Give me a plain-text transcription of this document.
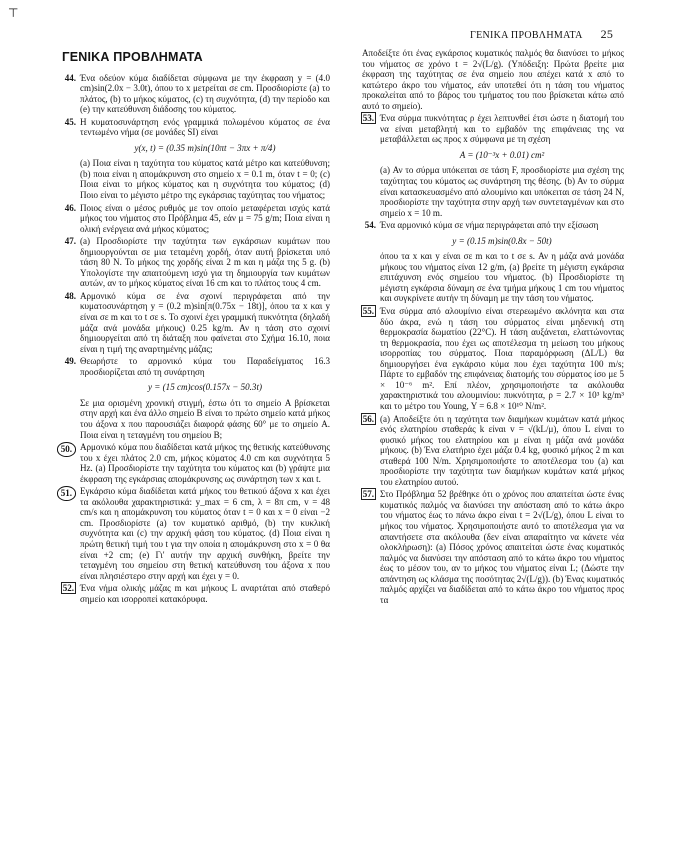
⊤
ΓΕΝΙΚΑ ΠΡΟΒΛΗΜΑΤΑ 25
ΓΕΝΙΚΑ ΠΡΟΒΛΗΜΑΤΑ
44. Ένα οδεύον κύμα διαδίδεται σύμφωνα με την έκφραση y = (4.0 cm)sin(2.0x − 3.0t), όπου το x μετρείται σε cm. Προσδιορίστε (a) το πλάτος, (b) το μήκος κύματος, (c) τη συχνότητα, (d) την περίοδο και (e) την κατεύθυνση διάδοσης του κύματος.
45. Η κυματοσυνάρτηση ενός γραμμικά πολωμένου κύματος σε ένα τεντωμένο νήμα (σε μονάδες SI) είναι
y(x, t) = (0.35 m)sin(10πt − 3πx + π/4)
(a) Ποια είναι η ταχύτητα του κύματος κατά μέτρο και κατεύθυνση; (b) ποια είναι η απομάκρυνση στο σημείο x = 0.1 m, όταν t = 0; (c) Ποια είναι το μήκος κύματος και η συχνότητα του κύματος; (d) Ποιο είναι το μέγιστο μέτρο της εγκάρσιας ταχύτητας του νήματος;
46. Ποιος είναι ο μέσος ρυθμός με τον οποίο μεταφέρεται ισχύς κατά μήκος του νήματος στο Πρόβλημα 45, εάν μ = 75 g/m; Ποια είναι η ολική ενέργεια ανά μήκος κύματος;
47. (a) Προσδιορίστε την ταχύτητα των εγκάρσιων κυμάτων που δημιουργούνται σε μια τεταμένη χορδή, όταν αυτή βρίσκεται υπό τάση 80 N. Το μήκος της χορδής είναι 2 m και η μάζα της 5 g. (b) Υπολογίστε την απαιτούμενη ισχύ για τη δημιουργία των κυμάτων αυτών, αν το μήκος κύματος είναι 16 cm και το πλάτος τους 4 cm.
48. Αρμονικό κύμα σε ένα σχοινί περιγράφεται από την κυματοσυνάρτηση y = (0.2 m)sin[π(0.75x − 18t)], όπου τα x και y είναι σε m και το t σε s. Το σχοινί έχει γραμμική πυκνότητα (δηλαδή μάζα ανά μονάδα μήκους) 0.25 kg/m. Αν η τάση στο σχοινί δημιουργείται από τη διάταξη που φαίνεται στο Σχήμα 16.10, ποια είναι η τιμή της αναρτημένης μάζας;
49. Θεωρήστε το αρμονικό κύμα του Παραδείγματος 16.3 προσδιορίζεται από τη συνάρτηση
y = (15 cm)cos(0.157x − 50.3t)
Σε μια ορισμένη χρονική στιγμή, έστω ότι το σημείο A βρίσκεται στην αρχή και ένα άλλο σημείο B είναι το πρώτο σημείο κατά μήκος του άξονα x που παρουσιάζει διαφορά φάσης 60° με το σημείο A. Ποια είναι η τεταγμένη του σημείου B;
50. Αρμονικό κύμα που διαδίδεται κατά μήκος της θετικής κατεύθυνσης του x έχει πλάτος 2.0 cm, μήκος κύματος 4.0 cm και συχνότητα 5 Hz. (a) Προσδιορίστε την ταχύτητα του κύματος και (b) γράψτε μια έκφραση της εγκάρσιας απομάκρυνσης ως συνάρτηση των x και t.
51. Εγκάρσιο κύμα διαδίδεται κατά μήκος του θετικού άξονα x και έχει τα ακόλουθα χαρακτηριστικά: y_max = 6 cm, λ = 8π cm, v = 48 cm/s και η απομάκρυνση του κύματος όταν t = 0 και x = 0 είναι −2 cm. Προσδιορίστε (a) τον κυματικό αριθμό, (b) την κυκλική συχνότητα και (c) την αρχική φάση του κύματος. (d) Ποια είναι η πρώτη θετική τιμή του t για την οποία η απομάκρυνση στο x = 0 θα είναι +2 cm; (e) Γι' αυτήν την αρχική συνθήκη, βρείτε την τεταγμένη του σημείου στη θετική κατεύθυνση του άξονα x που είναι πλησιέστερο στην αρχή και έχει y = 0.
52. Ένα νήμα ολικής μάζας m και μήκους L αναρτάται από σταθερό σημείο και ισορροπεί κατακόρυφα.
Αποδείξτε ότι ένας εγκάρσιος κυματικός παλμός θα διανύσει το μήκος του νήματος σε χρόνο t = 2√(L/g). (Υπόδειξη: Πρώτα βρείτε μια έκφραση της ταχύτητας σε ένα σημείο που απέχει κατά x από το κατώτερο άκρο του νήματος, εάν υποτεθεί ότι η τάση του νήματος προκαλείται από το βάρος του τμήματος του που βρίσκεται κάτω από αυτό το σημείο).
53. Ένα σύρμα πυκνότητας ρ έχει λεπτυνθεί έτσι ώστε η διατομή του να είναι μεταβλητή και το εμβαδόν της επιφάνειας της να μεταβάλλεται ως προς x σύμφωνα με τη σχέση
A = (10⁻³x + 0.01) cm²
(a) Αν το σύρμα υπόκειται σε τάση F, προσδιορίστε μια σχέση της ταχύτητας του κύματος ως συνάρτηση της θέσης. (b) Αν το σύρμα είναι κατασκευασμένο από αλουμίνιο και υπόκειται σε τάση 24 N, προσδιορίστε την ταχύτητα στην αρχή των συντεταγμένων και στο σημείο x = 10 m.
54. Ένα αρμονικό κύμα σε νήμα περιγράφεται από την εξίσωση
y = (0.15 m)sin(0.8x − 50t)
όπου τα x και y είναι σε m και το t σε s. Αν η μάζα ανά μονάδα μήκους του νήματος είναι 12 g/m, (a) βρείτε τη μέγιστη εγκάρσια επιτάχυνση ενός σημείου του νήματος. (b) Προσδιορίστε τη μέγιστη εγκάρσια δύναμη σε ένα τμήμα μήκους 1 cm του νήματος και συγκρίνετε αυτήν τη δύναμη με την τάση του νήματος.
55. Ένα σύρμα από αλουμίνιο είναι στερεωμένο ακλόνητα και στα δύο άκρα, ενώ η τάση του σύρματος είναι μηδενική στη θερμοκρασία δωματίου (22°C). Η τάση αυξάνεται, ελαττώνοντας τη θερμοκρασία, που έχει ως αποτέλεσμα τη μείωση του μήκους ισορροπίας του σύρματος. Ποια παραμόρφωση (ΔL/L) θα δημιουργήσει ένα εγκάρσιο κύμα που έχει ταχύτητα 100 m/s; Πάρτε το εμβαδόν της επιφάνειας διατομής του σύρματος ίσο με 5 × 10⁻⁶ m². Επί πλέον, χρησιμοποιήστε τα ακόλουθα χαρακτηριστικά του αλουμινίου: πυκνότητα, ρ = 2.7 × 10³ kg/m³ και το μέτρο του Young, Y = 6.8 × 10¹⁰ N/m².
56. (a) Αποδείξτε ότι η ταχύτητα των διαμήκων κυμάτων κατά μήκος ενός ελατηρίου σταθεράς k είναι v = √(kL/μ), όπου L είναι το φυσικό μήκος του ελατηρίου και μ είναι η μάζα ανά μονάδα μήκους. (b) Ένα ελατήριο έχει μάζα 0.4 kg, φυσικό μήκος 2 m και σταθερά 100 N/m. Χρησιμοποιήστε το αποτέλεσμα του (a) και προσδιορίστε την ταχύτητα των διαμήκων κυμάτων κατά μήκος του ελατηρίου αυτού.
57. Στο Πρόβλημα 52 βρέθηκε ότι ο χρόνος που απαιτείται ώστε ένας κυματικός παλμός να διανύσει την απόσταση από το κάτω άκρο του νήματος έως το πάνω άκρο είναι t = 2√(L/g), όπου L είναι το μήκος του νήματος. Χρησιμοποιήστε αυτό το αποτέλεσμα για να απαντήσετε στα ακόλουθα (δεν είναι απαραίτητο να κάνετε νέα ολοκλήρωση): (a) Πόσος χρόνος απαιτείται ώστε ένας κυματικός παλμός να διανύσει την απόσταση από το κάτω άκρο του νήματος έως το μέσον του, αν το μήκος του νήματος είναι L; (Δώστε την απάντηση ως κλάσμα της ποσότητας 2√(L/g)). (b) Ένας κυματικός παλμός αρχίζει να διαδίδεται από το κάτω άκρο του νήματος προς τα
